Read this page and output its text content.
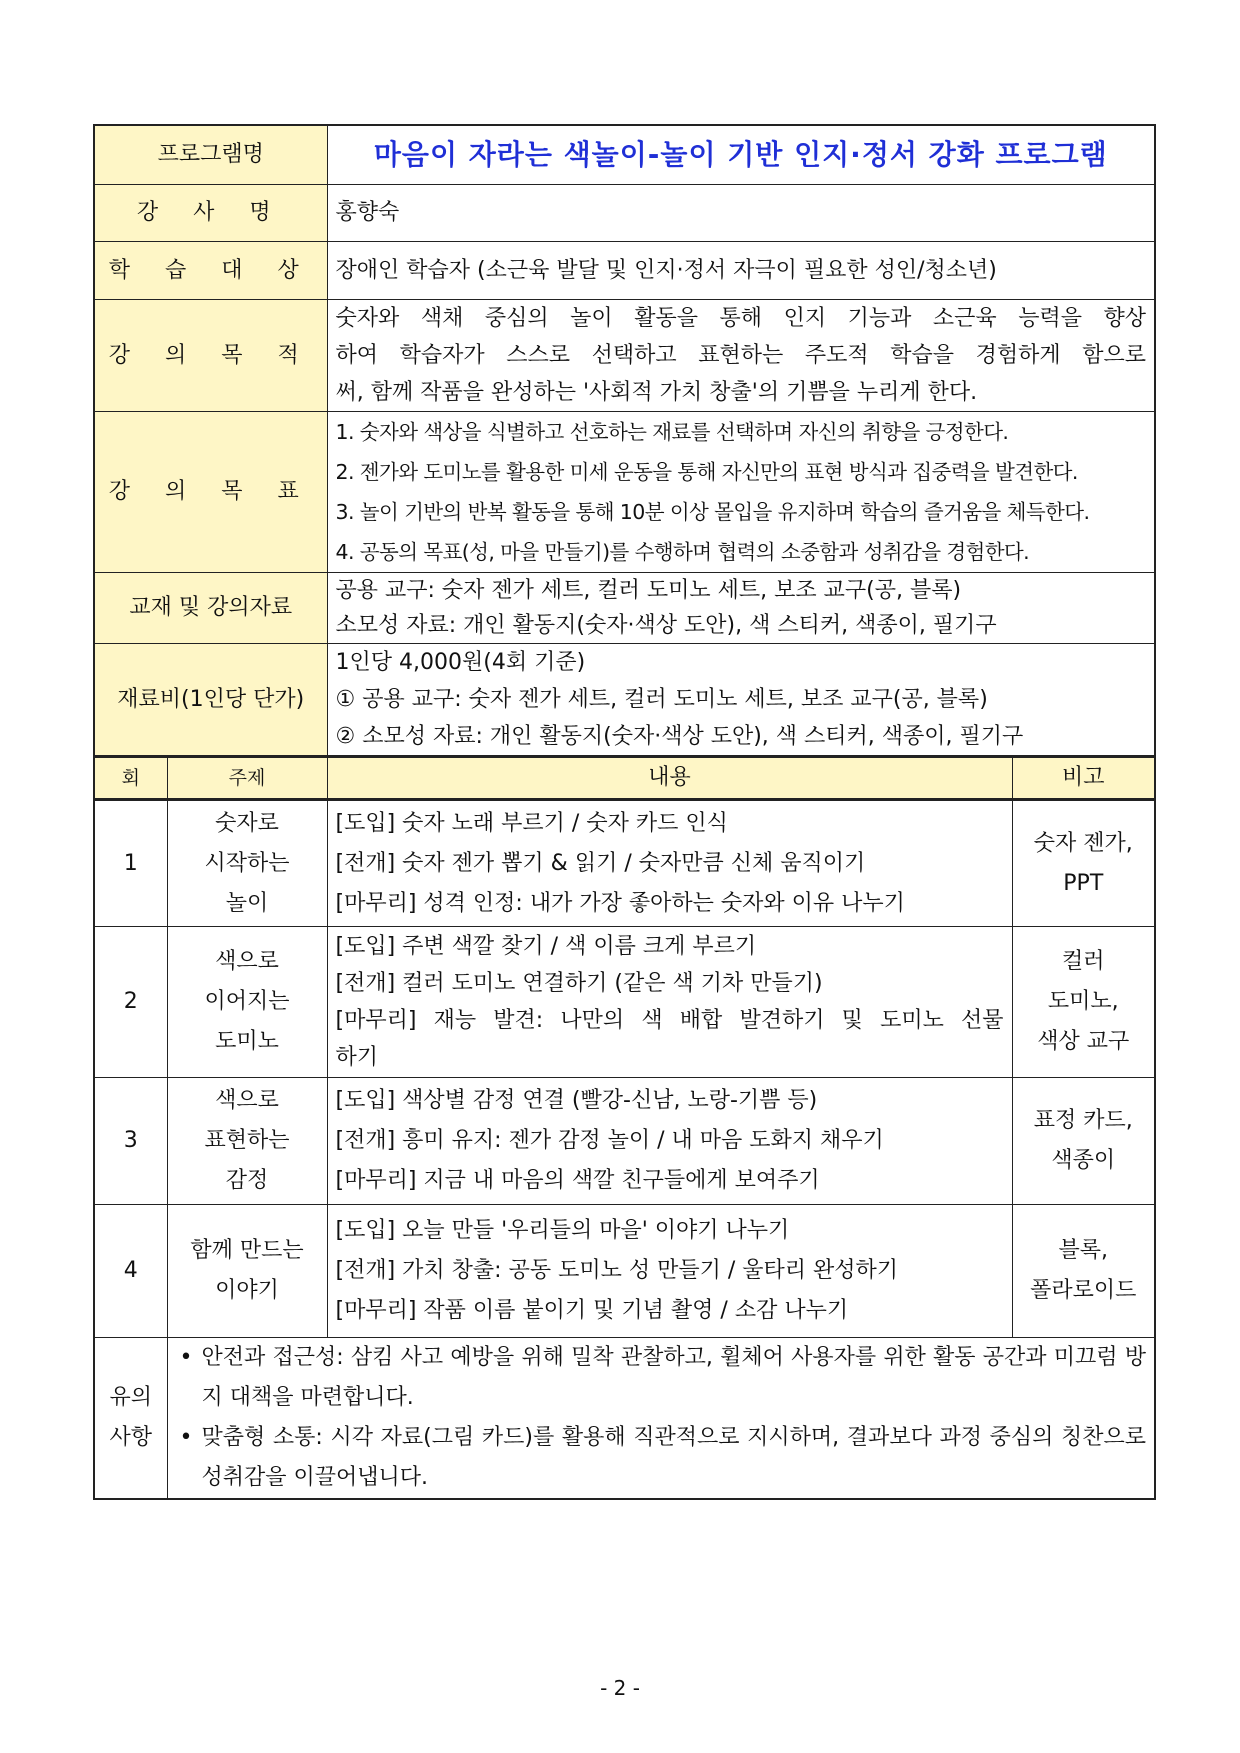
프로그램명		마음이 자라는 색놀이-놀이 기반 인지·정서 강화 프로그램	
강 사 명		홍향숙	
학 습 대 상		장애인 학습자 (소근육 발달 및 인지·정서 자극이 필요한 성인/청소년)	
강 의 목 적		숫자와 색채 중심의 놀이 활동을 통해 인지 기능과 소근육 능력을 향상
하여 학습자가 스스로 선택하고 표현하는 주도적 학습을 경험하게 함으로
써, 함께 작품을 완성하는 '사회적 가치 창출'의 기쁨을 누리게 한다.	

강 의 목 표		1. 숫자와 색상을 식별하고 선호하는 재료를 선택하며 자신의 취향을 긍정한다.
2. 젠가와 도미노를 활용한 미세 운동을 통해 자신만의 표현 방식과 집중력을 발견한다.
3. 놀이 기반의 반복 활동을 통해 10분 이상 몰입을 유지하며 학습의 즐거움을 체득한다.
4. 공동의 목표(성, 마을 만들기)를 수행하며 협력의 소중함과 성취감을 경험한다.	

교재 및 강의자료		공용 교구: 숫자 젠가 세트, 컬러 도미노 세트, 보조 교구(공, 블록)
소모성 자료: 개인 활동지(숫자·색상 도안), 색 스티커, 색종이, 필기구	

재료비(1인당 단가)		1인당 4,000원(4회 기준)
① 공용 교구: 숫자 젠가 세트, 컬러 도미노 세트, 보조 교구(공, 블록)
② 소모성 자료: 개인 활동지(숫자·색상 도안), 색 스티커, 색종이, 필기구	

회	주제	내용	비고
1	숫자로
시작하는
놀이	[도입] 숫자 노래 부르기 / 숫자 카드 인식
[전개] 숫자 젠가 뽑기 & 읽기 / 숫자만큼 신체 움직이기
[마무리] 성격 인정: 내가 가장 좋아하는 숫자와 이유 나누기	숫자 젠가,
PPT

2	색으로
이어지는
도미노	[도입] 주변 색깔 찾기 / 색 이름 크게 부르기
[전개] 컬러 도미노 연결하기 (같은 색 기차 만들기)
[마무리] 재능 발견: 나만의 색 배합 발견하기 및 도미노 선물
하기	컬러
도미노,
색상 교구

3	색으로
표현하는
감정	[도입] 색상별 감정 연결 (빨강-신남, 노랑-기쁨 등)
[전개] 흥미 유지: 젠가 감정 놀이 / 내 마음 도화지 채우기
[마무리] 지금 내 마음의 색깔 친구들에게 보여주기	표정 카드,
색종이

4	함께 만드는
이야기	[도입] 오늘 만들 '우리들의 마을' 이야기 나누기
[전개] 가치 창출: 공동 도미노 성 만들기 / 울타리 완성하기
[마무리] 작품 이름 붙이기 및 기념 촬영 / 소감 나누기	블록,
폴라로이드

유의
사항	• 안전과 접근성: 삼킴 사고 예방을 위해 밀착 관찰하고, 휠체어 사용자를 위한 활동 공간과 미끄럼 방지 대책을 마련합니다.
• 맞춤형 소통: 시각 자료(그림 카드)를 활용해 직관적으로 지시하며, 결과보다 과정 중심의 칭찬으로 성취감을 이끌어냅니다.
- 2 -
